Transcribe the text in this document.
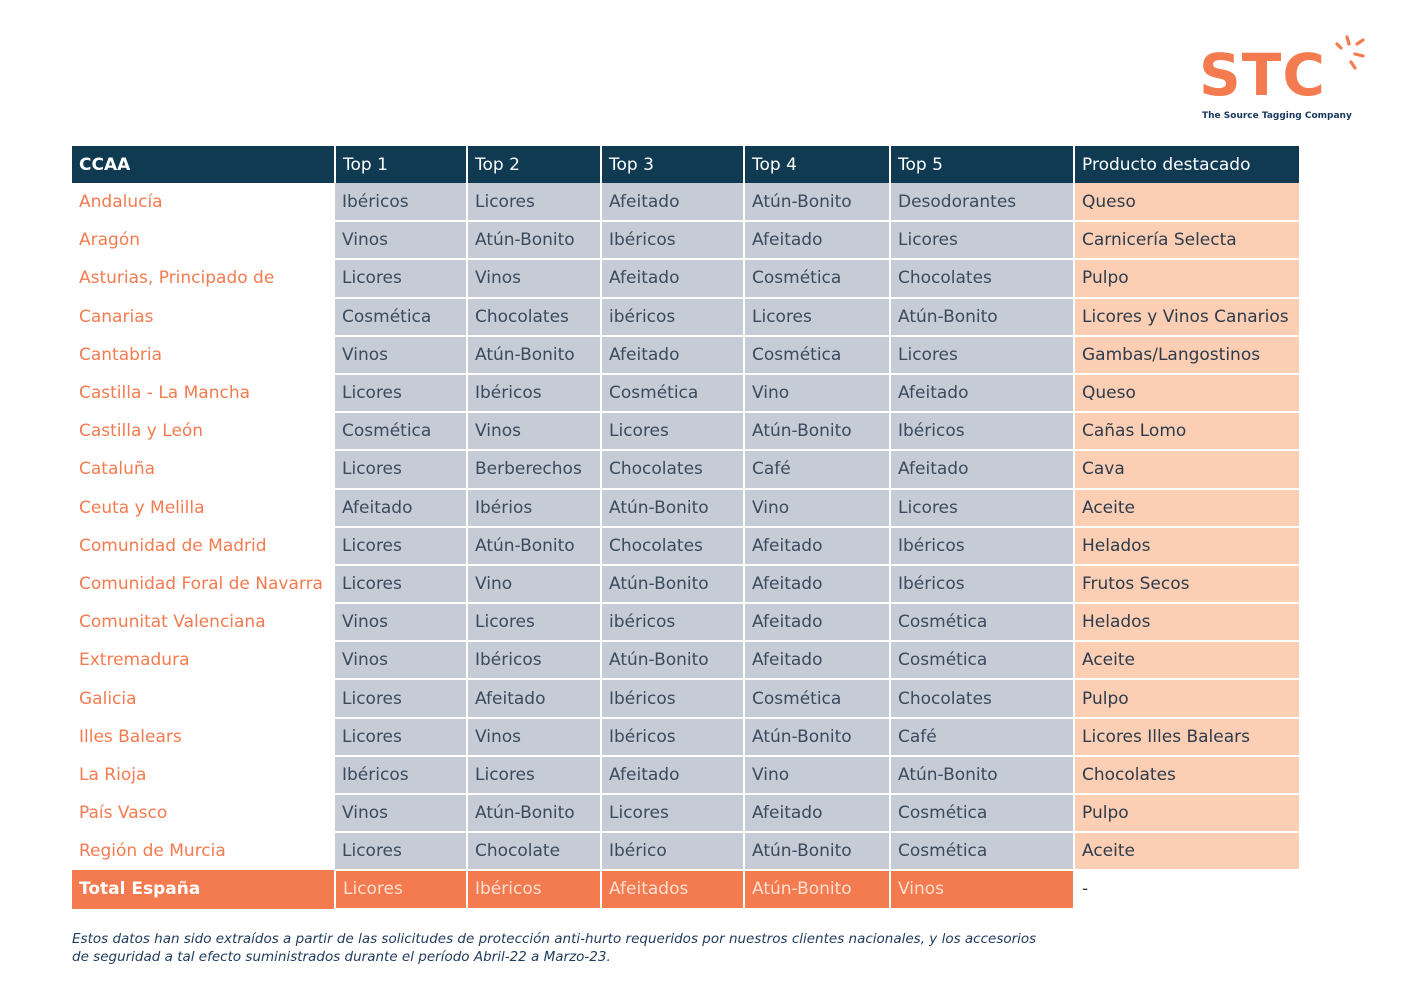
STC
The Source Tagging Company
CCAA	Top 1	Top 2	Top 3	Top 4	Top 5	Producto destacado
Andalucía	Ibéricos	Licores	Afeitado	Atún-Bonito	Desodorantes	Queso
Aragón	Vinos	Atún-Bonito	Ibéricos	Afeitado	Licores	Carnicería Selecta
Asturias, Principado de	Licores	Vinos	Afeitado	Cosmética	Chocolates	Pulpo
Canarias	Cosmética	Chocolates	ibéricos	Licores	Atún-Bonito	Licores y Vinos Canarios
Cantabria	Vinos	Atún-Bonito	Afeitado	Cosmética	Licores	Gambas/Langostinos
Castilla - La Mancha	Licores	Ibéricos	Cosmética	Vino	Afeitado	Queso
Castilla y León	Cosmética	Vinos	Licores	Atún-Bonito	Ibéricos	Cañas Lomo
Cataluña	Licores	Berberechos	Chocolates	Café	Afeitado	Cava
Ceuta y Melilla	Afeitado	Ibérios	Atún-Bonito	Vino	Licores	Aceite
Comunidad de Madrid	Licores	Atún-Bonito	Chocolates	Afeitado	Ibéricos	Helados
Comunidad Foral de Navarra	Licores	Vino	Atún-Bonito	Afeitado	Ibéricos	Frutos Secos
Comunitat Valenciana	Vinos	Licores	ibéricos	Afeitado	Cosmética	Helados
Extremadura	Vinos	Ibéricos	Atún-Bonito	Afeitado	Cosmética	Aceite
Galicia	Licores	Afeitado	Ibéricos	Cosmética	Chocolates	Pulpo
Illes Balears	Licores	Vinos	Ibéricos	Atún-Bonito	Café	Licores Illes Balears
La Rioja	Ibéricos	Licores	Afeitado	Vino	Atún-Bonito	Chocolates
País Vasco	Vinos	Atún-Bonito	Licores	Afeitado	Cosmética	Pulpo
Región de Murcia	Licores	Chocolate	Ibérico	Atún-Bonito	Cosmética	Aceite
Total España	Licores	Ibéricos	Afeitados	Atún-Bonito	Vinos	-
Estos datos han sido extraídos a partir de las solicitudes de protección anti-hurto requeridos por nuestros clientes nacionales, y los accesorios
de seguridad a tal efecto suministrados durante el período Abril-22 a Marzo-23.
